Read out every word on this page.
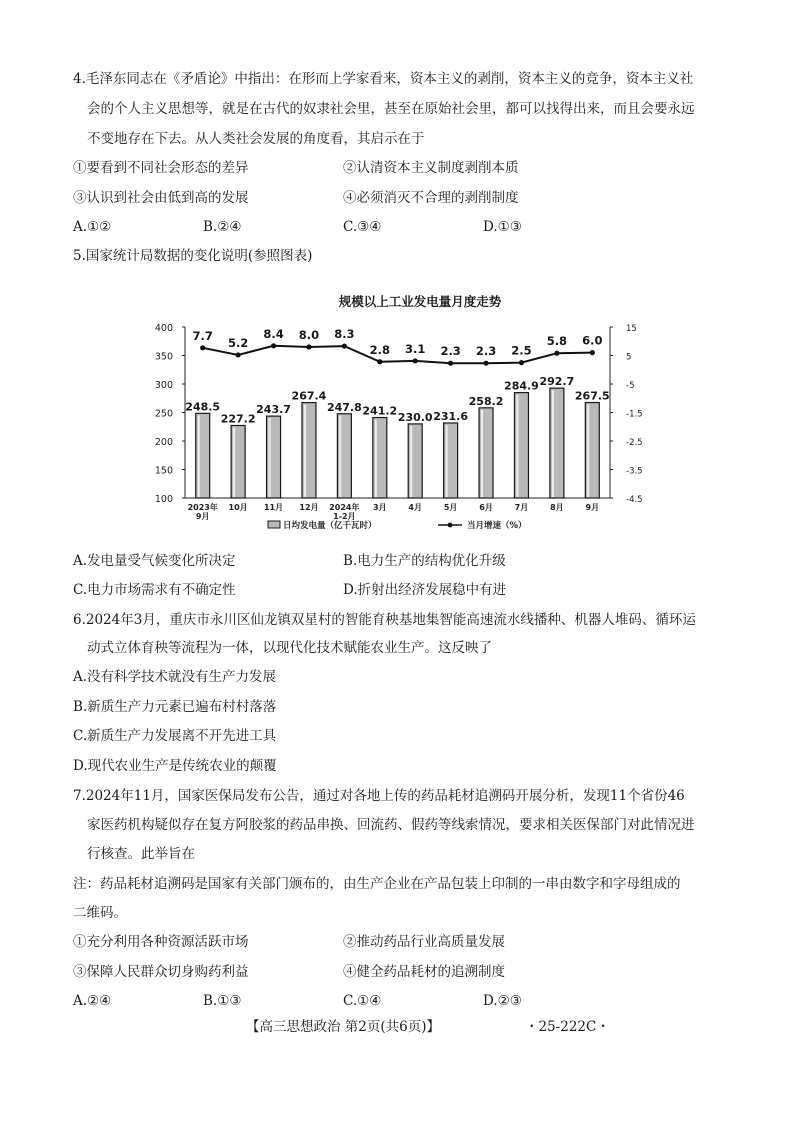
4.毛泽东同志在《矛盾论》中指出：在形而上学家看来，资本主义的剥削，资本主义的竞争，资本主义社
会的个人主义思想等，就是在古代的奴隶社会里，甚至在原始社会里，都可以找得出来，而且会要永远
不变地存在下去。从人类社会发展的角度看，其启示在于
①要看到不同社会形态的差异	②认清资本主义制度剥削本质
③认识到社会由低到高的发展	④必须消灭不合理的剥削制度
A.①②	B.②④	C.③④	D.①③
5.国家统计局数据的变化说明(参照图表)
规模以上工业发电量月度走势
400
350
300
250
200
150
100
15
5
-5
-1.5
-2.5
-3.5
-4.5
2023年
9月
10月 11月 12月 2024年
1-2月
3月	4月	5月	6月	7月	8月	9月
248.5
227.2
243.7
267.4
247.8 241.2 230.0 231.6
258.2
284.9 292.7
267.5
7.7
5.2
8.4 8.0 8.3
2.8 3.1 2.3 2.3 2.5
5.8 6.0
日均发电量（亿千瓦时）	当月增速（%）
A.发电量受气候变化所决定	B.电力生产的结构优化升级
C.电力市场需求有不确定性	D.折射出经济发展稳中有进
6.2024年3月，重庆市永川区仙龙镇双星村的智能育秧基地集智能高速流水线播种、机器人堆码、循环运
动式立体育秧等流程为一体，以现代化技术赋能农业生产。这反映了
A.没有科学技术就没有生产力发展
B.新质生产力元素已遍布村村落落
C.新质生产力发展离不开先进工具
D.现代农业生产是传统农业的颠覆
7.2024年11月，国家医保局发布公告，通过对各地上传的药品耗材追溯码开展分析，发现11个省份46
家医药机构疑似存在复方阿胶浆的药品串换、回流药、假药等线索情况，要求相关医保部门对此情况进
行核查。此举旨在
注：药品耗材追溯码是国家有关部门颁布的，由生产企业在产品包装上印制的一串由数字和字母组成的
二维码。
①充分利用各种资源活跃市场	②推动药品行业高质量发展
③保障人民群众切身购药利益	④健全药品耗材的追溯制度
A.②④	B.①③	C.①④	D.②③
【高三思想政治 第2页(共6页)】	・25-222C・
